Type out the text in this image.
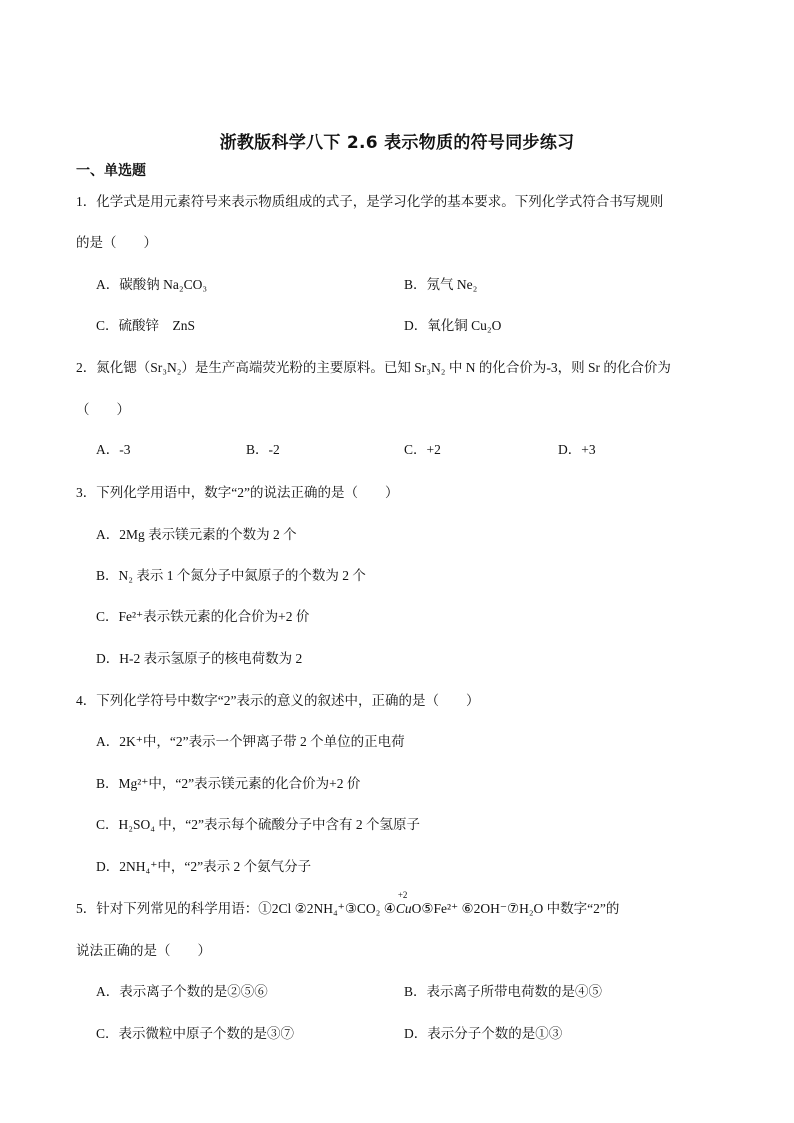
浙教版科学八下 2.6 表示物质的符号同步练习
一、单选题
1．化学式是用元素符号来表示物质组成的式子，是学习化学的基本要求。下列化学式符合书写规则
的是（　　）
A．碳酸钠 Na₂CO₃	B．氖气 Ne₂
C．硫酸锌　ZnS	D．氧化铜 Cu₂O
2．氮化锶（Sr₃N₂）是生产高端荧光粉的主要原料。已知 Sr₃N₂ 中 N 的化合价为-3，则 Sr 的化合价为
（　　）
A．-3	B．-2	C．+2	D．+3
3．下列化学用语中，数字“2”的说法正确的是（　　）
A．2Mg 表示镁元素的个数为 2 个
B．N₂ 表示 1 个氮分子中氮原子的个数为 2 个
C．Fe²⁺表示铁元素的化合价为+2 价
D．H-2 表示氢原子的核电荷数为 2
4．下列化学符号中数字“2”表示的意义的叙述中，正确的是（　　）
A．2K⁺中，“2”表示一个钾离子带 2 个单位的正电荷
B．Mg²⁺中，“2”表示镁元素的化合价为+2 价
C．H₂SO₄ 中，“2”表示每个硫酸分子中含有 2 个氢原子
D．2NH₄⁺中，“2”表示 2 个氨气分子
5．针对下列常见的科学用语：①2Cl ②2NH₄⁺③CO₂ ④
+2
CuO⑤Fe²⁺ ⑥2OH⁻⑦H₂O 中数字“2”的
说法正确的是（　　）
A．表示离子个数的是②⑤⑥	B．表示离子所带电荷数的是④⑤
C．表示微粒中原子个数的是③⑦	D．表示分子个数的是①③
